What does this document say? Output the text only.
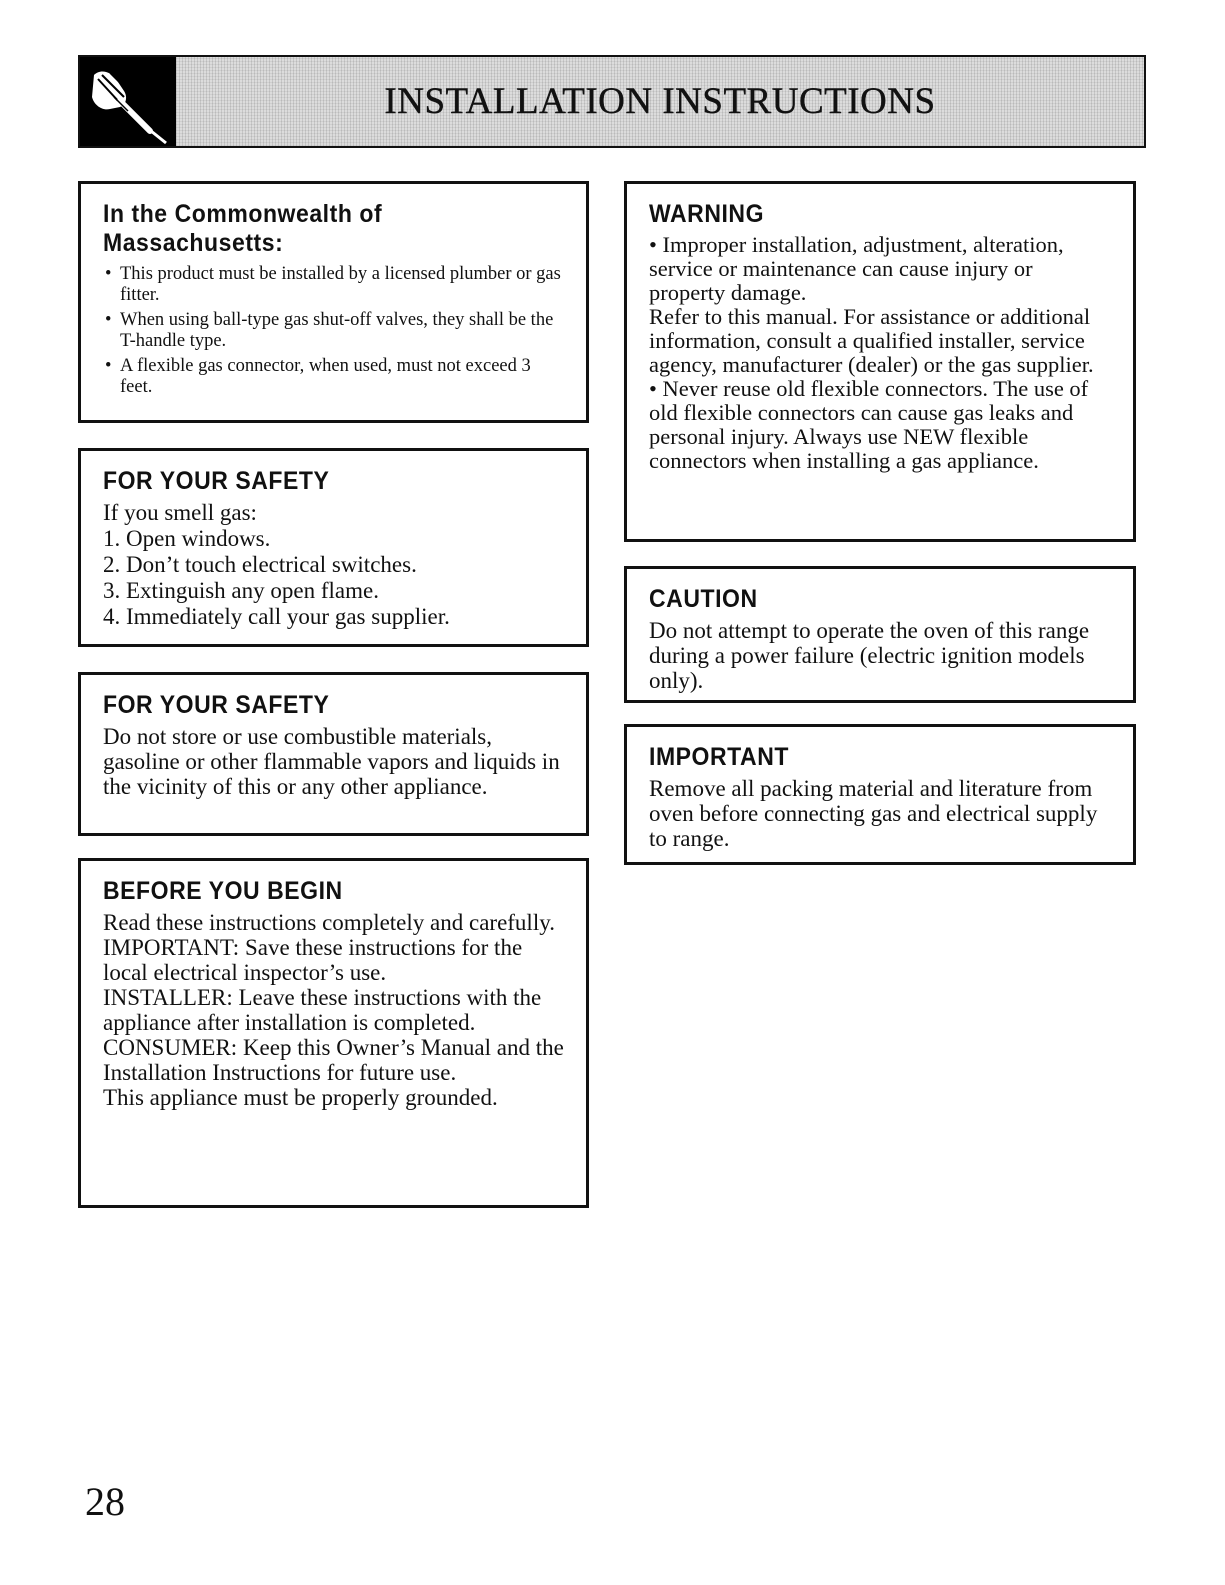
INSTALLATION INSTRUCTIONS
In the Commonwealth of
Massachusetts:
• This product must be installed by a licensed plumber or gas fitter.
• When using ball-type gas shut-off valves, they shall be the T-handle type.
• A flexible gas connector, when used, must not exceed 3 feet.
FOR YOUR SAFETY
If you smell gas:
1. Open windows.
2. Don’t touch electrical switches.
3. Extinguish any open flame.
4. Immediately call your gas supplier.
FOR YOUR SAFETY

Do not store or use combustible materials, gasoline or other flammable vapors and liquids in the vicinity of this or any other appliance.

BEFORE YOU BEGIN

Read these instructions completely and carefully.

IMPORTANT: Save these instructions for the local electrical inspector’s use.

INSTALLER: Leave these instructions with the appliance after installation is completed.

CONSUMER: Keep this Owner’s Manual and the Installation Instructions for future use.

This appliance must be properly grounded.

WARNING

• Improper installation, adjustment, alteration, service or maintenance can cause injury or property damage.

Refer to this manual. For assistance or additional information, consult a qualified installer, service agency, manufacturer (dealer) or the gas supplier.

• Never reuse old flexible connectors. The use of old flexible connectors can cause gas leaks and personal injury. Always use NEW flexible connectors when installing a gas appliance.

CAUTION

Do not attempt to operate the oven of this range during a power failure (electric ignition models only).

IMPORTANT

Remove all packing material and literature from oven before connecting gas and electrical supply to range.

28
